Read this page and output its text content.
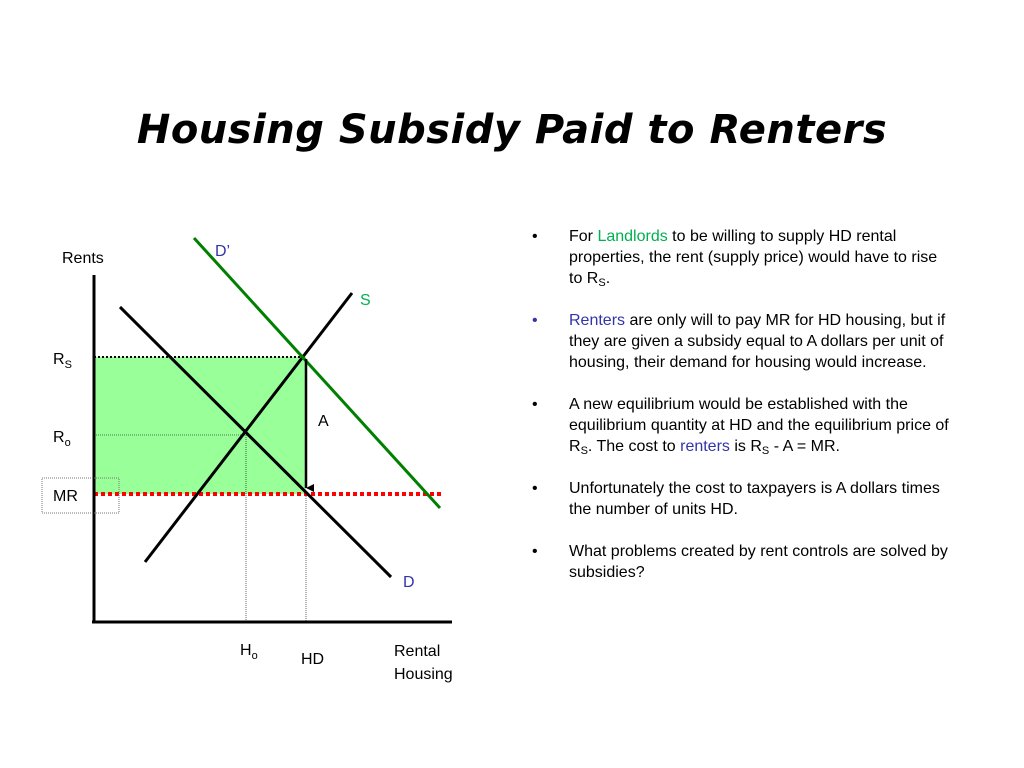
Housing Subsidy Paid to Renters
Rents	D’
S
D
A
$R_S$
$R_o$
MR
$H_o$	HD	Rental
Housing
• For Landlords to be willing to supply HD rental properties, the rent (supply price) would have to rise to $R_S$.
• Renters are only will to pay MR for HD housing, but if they are given a subsidy equal to A dollars per unit of housing, their demand for housing would increase.
• A new equilibrium would be established with the equilibrium quantity at HD and the equilibrium price of $R_S$. The cost to renters is $R_S$ - A = MR.
• Unfortunately the cost to taxpayers is A dollars times the number of units HD.
• What problems created by rent controls are solved by subsidies?
